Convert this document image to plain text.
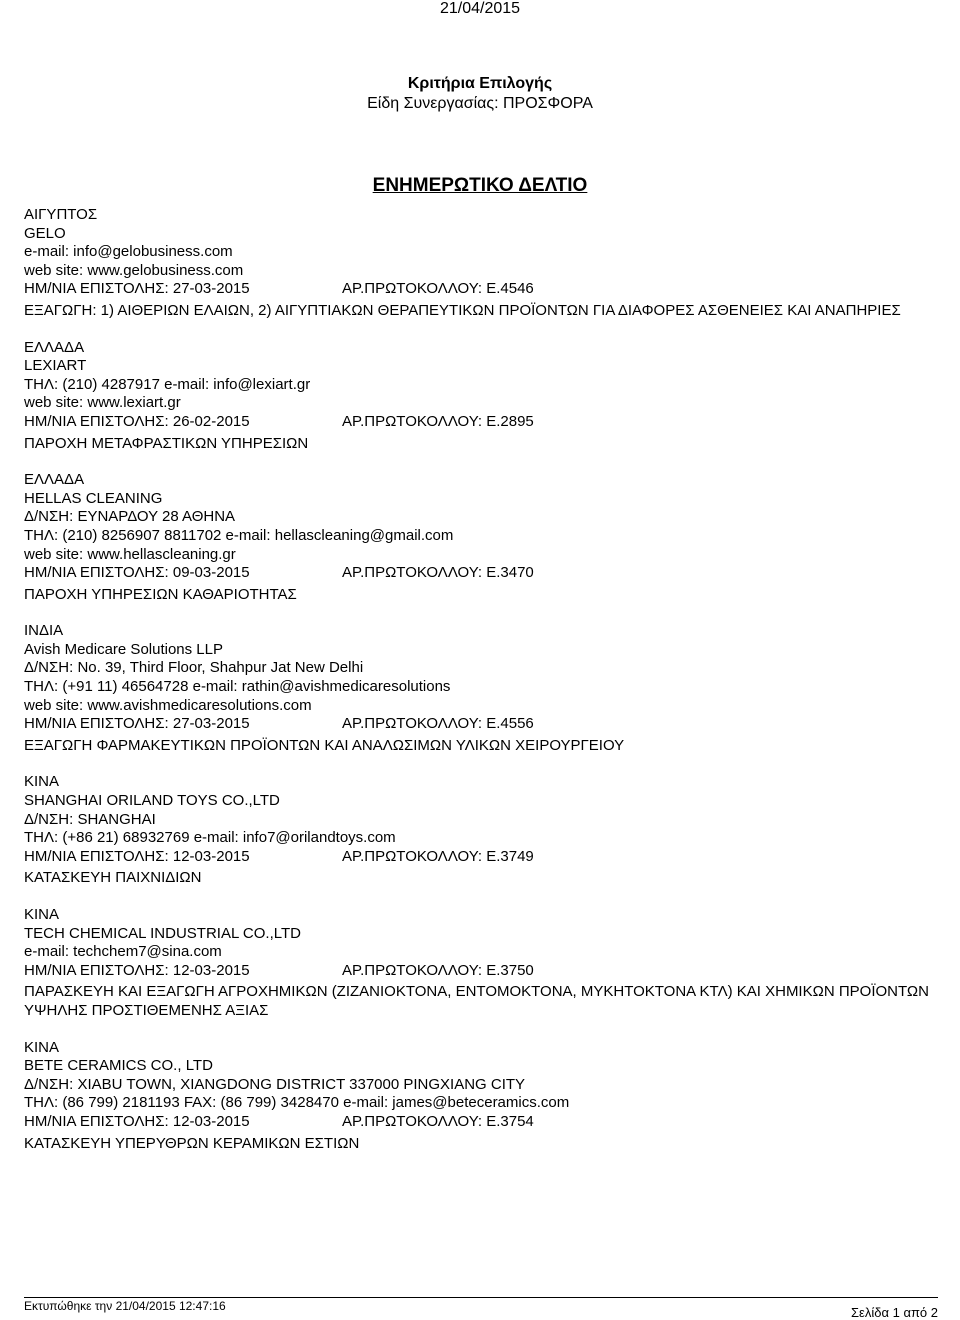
21/04/2015
Κριτήρια Επιλογής
Είδη Συνεργασίας: ΠΡΟΣΦΟΡΑ
ΕΝΗΜΕΡΩΤΙΚΟ ΔΕΛΤΙΟ
ΑΙΓΥΠΤΟΣ
GELO
e-mail: info@gelobusiness.com
web site: www.gelobusiness.com
ΗΜ/ΝΙΑ ΕΠΙΣΤΟΛΗΣ: 27-03-2015	ΑΡ.ΠΡΩΤΟΚΟΛΛΟΥ: Ε.4546
ΕΞΑΓΩΓΗ: 1) ΑΙΘΕΡΙΩΝ ΕΛΑΙΩΝ, 2) ΑΙΓΥΠΤΙΑΚΩΝ ΘΕΡΑΠΕΥΤΙΚΩΝ ΠΡΟΪΟΝΤΩΝ ΓΙΑ ΔΙΑΦΟΡΕΣ ΑΣΘΕΝΕΙΕΣ ΚΑΙ ΑΝΑΠΗΡΙΕΣ
ΕΛΛΑΔΑ
LEXIART
ΤΗΛ: (210) 4287917 e-mail: info@lexiart.gr
web site: www.lexiart.gr
ΗΜ/ΝΙΑ ΕΠΙΣΤΟΛΗΣ: 26-02-2015	ΑΡ.ΠΡΩΤΟΚΟΛΛΟΥ: Ε.2895
ΠΑΡΟΧΗ ΜΕΤΑΦΡΑΣΤΙΚΩΝ ΥΠΗΡΕΣΙΩΝ
ΕΛΛΑΔΑ
HELLAS CLEANING
Δ/ΝΣΗ: ΕΥΝΑΡΔΟΥ 28 ΑΘΗΝΑ
ΤΗΛ: (210) 8256907 8811702 e-mail: hellascleaning@gmail.com
web site: www.hellascleaning.gr
ΗΜ/ΝΙΑ ΕΠΙΣΤΟΛΗΣ: 09-03-2015	ΑΡ.ΠΡΩΤΟΚΟΛΛΟΥ: Ε.3470
ΠΑΡΟΧΗ ΥΠΗΡΕΣΙΩΝ ΚΑΘΑΡΙΟΤΗΤΑΣ
ΙΝΔΙΑ
Avish Medicare Solutions LLP
Δ/ΝΣΗ: No. 39, Third Floor, Shahpur Jat New Delhi
ΤΗΛ: (+91 11) 46564728 e-mail: rathin@avishmedicaresolutions
web site: www.avishmedicaresolutions.com
ΗΜ/ΝΙΑ ΕΠΙΣΤΟΛΗΣ: 27-03-2015	ΑΡ.ΠΡΩΤΟΚΟΛΛΟΥ: Ε.4556
ΕΞΑΓΩΓΗ ΦΑΡΜΑΚΕΥΤΙΚΩΝ ΠΡΟΪΟΝΤΩΝ ΚΑΙ ΑΝΑΛΩΣΙΜΩΝ ΥΛΙΚΩΝ ΧΕΙΡΟΥΡΓΕΙΟΥ
ΚΙΝΑ
SHANGHAI ORILAND TOYS CO.,LTD
Δ/ΝΣΗ: SHANGHAI
ΤΗΛ: (+86 21) 68932769 e-mail: info7@orilandtoys.com
ΗΜ/ΝΙΑ ΕΠΙΣΤΟΛΗΣ: 12-03-2015	ΑΡ.ΠΡΩΤΟΚΟΛΛΟΥ: Ε.3749
ΚΑΤΑΣΚΕΥΗ ΠΑΙΧΝΙΔΙΩΝ
ΚΙΝΑ
TECH CHEMICAL INDUSTRIAL CO.,LTD
e-mail: techchem7@sina.com
ΗΜ/ΝΙΑ ΕΠΙΣΤΟΛΗΣ: 12-03-2015	ΑΡ.ΠΡΩΤΟΚΟΛΛΟΥ: Ε.3750
ΠΑΡΑΣΚΕΥΗ ΚΑΙ ΕΞΑΓΩΓΗ ΑΓΡΟΧΗΜΙΚΩΝ (ΖΙΖΑΝΙΟΚΤΟΝΑ, ΕΝΤΟΜΟΚΤΟΝΑ, ΜΥΚΗΤΟΚΤΟΝΑ ΚΤΛ) ΚΑΙ ΧΗΜΙΚΩΝ ΠΡΟΪΟΝΤΩΝ ΥΨΗΛΗΣ ΠΡΟΣΤΙΘΕΜΕΝΗΣ ΑΞΙΑΣ
ΚΙΝΑ
BETE CERAMICS CO., LTD
Δ/ΝΣΗ: XIABU TOWN, XIANGDONG DISTRICT 337000 PINGXIANG CITY
ΤΗΛ: (86 799) 2181193 FAX: (86 799) 3428470 e-mail: james@beteceramics.com
ΗΜ/ΝΙΑ ΕΠΙΣΤΟΛΗΣ: 12-03-2015	ΑΡ.ΠΡΩΤΟΚΟΛΛΟΥ: Ε.3754
ΚΑΤΑΣΚΕΥΗ ΥΠΕΡΥΘΡΩΝ ΚΕΡΑΜΙΚΩΝ ΕΣΤΙΩΝ
Εκτυπώθηκε την 21/04/2015 12:47:16	Σελίδα 1 από 2
